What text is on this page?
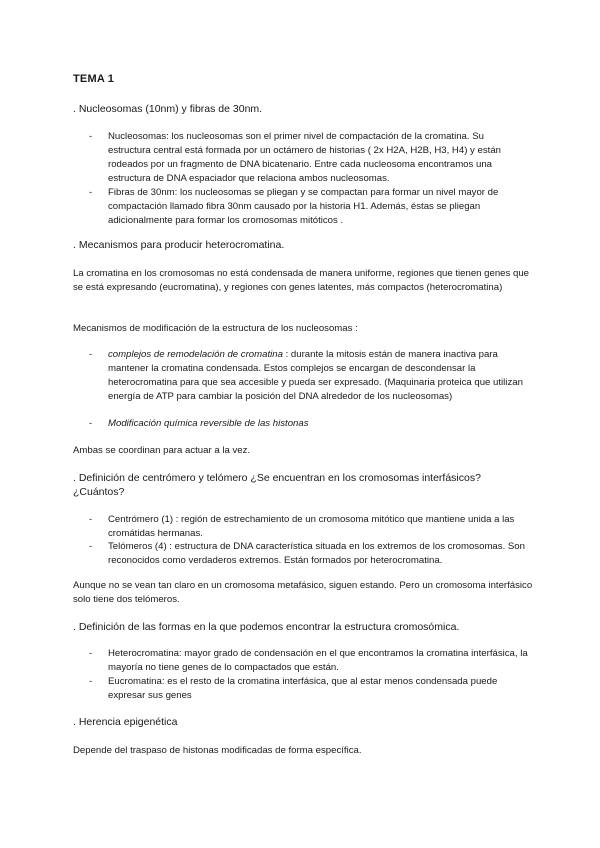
TEMA 1
. Nucleosomas (10nm) y fibras de 30nm.
- Nucleosomas: los nucleosomas son el primer nivel de compactación de la cromatina. Su estructura central está formada por un octámero de historias ( 2x H2A, H2B, H3, H4) y están rodeados por un fragmento de DNA bicatenario. Entre cada nucleosoma encontramos una estructura de DNA espaciador que relaciona ambos nucleosomas.
- Fibras de 30nm: los nucleosomas se pliegan y se compactan para formar un nivel mayor de compactación llamado fibra 30nm causado por la historia H1. Además, éstas se pliegan adicionalmente para formar los cromosomas mitóticos .
. Mecanismos para producir heterocromatina.
La cromatina en los cromosomas no está condensada de manera uniforme, regiones que tienen genes que se está expresando (eucromatina), y regiones con genes latentes, más compactos (heterocromatina)
Mecanismos de modificación de la estructura de los nucleosomas :
- complejos de remodelación de cromatina : durante la mitosis están de manera inactiva para mantener la cromatina condensada. Estos complejos se encargan de descondensar la heterocromatina para que sea accesible y pueda ser expresado. (Maquinaria proteica que utilizan energía de ATP para cambiar la posición del DNA alrededor de los nucleosomas)
- Modificación química reversible de las histonas
Ambas se coordinan para actuar a la vez.
. Definición de centrómero y telómero ¿Se encuentran en los cromosomas interfásicos?¿Cuántos?
- Centrómero (1) : región de estrechamiento de un cromosoma mitótico que mantiene unida a las cromátidas hermanas.
- Telómeros (4) : estructura de DNA característica situada en los extremos de los cromosomas. Son reconocidos como verdaderos extremos. Están formados por heterocromatina.
Aunque no se vean tan claro en un cromosoma metafásico, siguen estando. Pero un cromosoma interfásico solo tiene dos telómeros.
. Definición de las formas en la que podemos encontrar la estructura cromosómica.
- Heterocromatina: mayor grado de condensación en el que encontramos la cromatina interfásica, la mayoría no tiene genes de lo compactados que están.
- Eucromatina: es el resto de la cromatina interfásica, que al estar menos condensada puede expresar sus genes
. Herencia epigenética
Depende del traspaso de histonas modificadas de forma específica.
